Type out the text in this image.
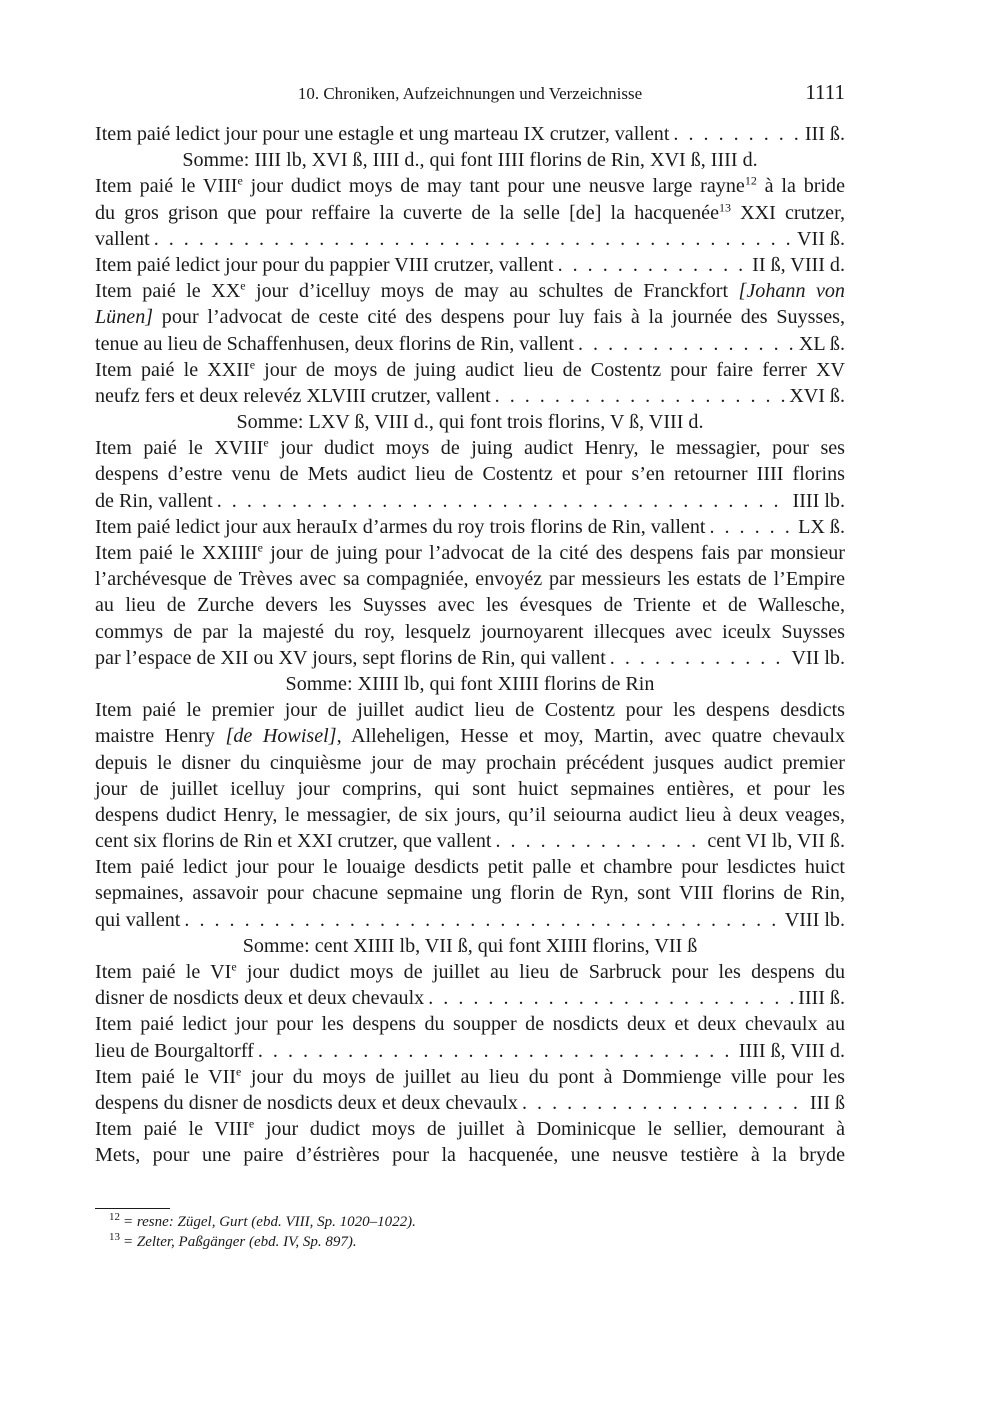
10. Chroniken, Aufzeichnungen und Verzeichnisse	1111
Item paié ledict jour pour une estagle et ung marteau IX crutzer, vallent . . .	III ß.
Somme: IIII lb, XVI ß, IIII d., qui font IIII florins de Rin, XVI ß, IIII d.
Item paié le VIIIe jour dudict moys de may tant pour une neusve large rayne$^{12}$ à la bride
du gros grison que pour reffaire la cuverte de la selle [de] la hacquenée$^{13}$ XXI crutzer,
vallent . . .	VII ß.
Item paié ledict jour pour du pappier VIII crutzer, vallent . . .	II ß, VIII d.
Item paié le XXe jour d’icelluy moys de may au schultes de Franckfort [Johann von
Lünen] pour l’advocat de ceste cité des despens pour luy fais à la journée des Suysses,
tenue au lieu de Schaffenhusen, deux florins de Rin, vallent . . .	XL ß.
Item paié le XXIIe jour de moys de juing audict lieu de Costentz pour faire ferrer XV
neufz fers et deux relevéz XLVIII crutzer, vallent . . .	XVI ß.
Somme: LXV ß, VIII d., qui font trois florins, V ß, VIII d.
Item paié le XVIIIe jour dudict moys de juing audict Henry, le messagier, pour ses
despens d’estre venu de Mets audict lieu de Costentz et pour s’en retourner IIII florins
de Rin, vallent . . .	IIII lb.
Item paié ledict jour aux herauIx d’armes du roy trois florins de Rin, vallent . . .	LX ß.
Item paié le XXIIIIe jour de juing pour l’advocat de la cité des despens fais par monsieur
l’archévesque de Trèves avec sa compagniée, envoyéz par messieurs les estats de l’Empire
au lieu de Zurche devers les Suysses avec les évesques de Triente et de Wallesche,
commys de par la majesté du roy, lesquelz journoyarent illecques avec iceulx Suysses
par l’espace de XII ou XV jours, sept florins de Rin, qui vallent . . .	VII lb.
Somme: XIIII lb, qui font XIIII florins de Rin
Item paié le premier jour de juillet audict lieu de Costentz pour les despens desdicts
maistre Henry [de Howisel], Alleheligen, Hesse et moy, Martin, avec quatre chevaulx
depuis le disner du cinquièsme jour de may prochain précédent jusques audict premier
jour de juillet icelluy jour comprins, qui sont huict sepmaines entières, et pour les
despens dudict Henry, le messagier, de six jours, qu’il seiourna audict lieu à deux veages,
cent six florins de Rin et XXI crutzer, que vallent . . .	cent VI lb, VII ß.
Item paié ledict jour pour le louaige desdicts petit palle et chambre pour lesdictes huict
sepmaines, assavoir pour chacune sepmaine ung florin de Ryn, sont VIII florins de Rin,
qui vallent . . .	VIII lb.
Somme: cent XIIII lb, VII ß, qui font XIIII florins, VII ß
Item paié le VIe jour dudict moys de juillet au lieu de Sarbruck pour les despens du
disner de nosdicts deux et deux chevaulx . . .	IIII ß.
Item paié ledict jour pour les despens du soupper de nosdicts deux et deux chevaulx au
lieu de Bourgaltorff . . .	IIII ß, VIII d.
Item paié le VIIe jour du moys de juillet au lieu du pont à Dommienge ville pour les
despens du disner de nosdicts deux et deux chevaulx . . .	III ß
Item paié le VIIIe jour dudict moys de juillet à Dominicque le sellier, demourant à
Mets, pour une paire d’éstrières pour la hacquenée, une neusve testière à la bryde
$^{12}$ = resne: Zügel, Gurt (ebd. VIII, Sp. 1020–1022).
$^{13}$ = Zelter, Paßgänger (ebd. IV, Sp. 897).
